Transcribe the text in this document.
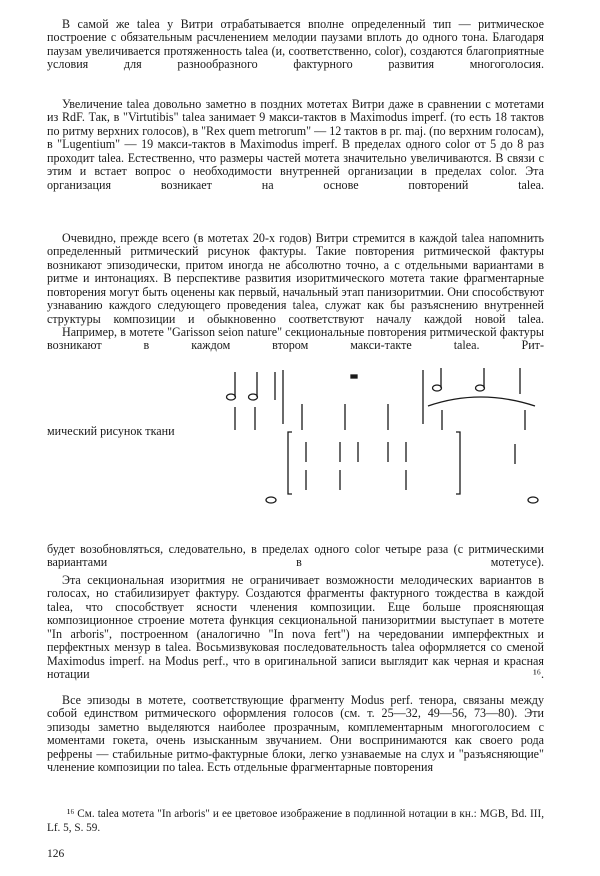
В самой же talea у Витри отрабатывается вполне определенный тип — ритмическое построение с обязательным расчленением мелодии паузами вплоть до одного тона. Благодаря паузам увеличивается протяженность talea (и, соответственно, color), создаются благоприятные условия для разнообразного фактурного развития многоголосия.

Увеличение talea довольно заметно в поздних мотетах Витри даже в сравнении с мотетами из RdF. Так, в "Virtutibis" talea занимает 9 макси-тактов в Maximodus imperf. (то есть 18 тактов по ритму верхних голосов), в "Rex quem metrorum" — 12 тактов в pr. maj. (по верхним голосам), в "Lugentium" — 19 макси-тактов в Maximodus imperf. В пределах одного color от 5 до 8 раз проходит talea. Естественно, что размеры частей мотета значительно увеличиваются. В связи с этим и встает вопрос о необходимости внутренней организации в пределах color. Эта организация возникает на основе повторений talea.

Очевидно, прежде всего (в мотетах 20-х годов) Витри стремится в каждой talea напомнить определенный ритмический рисунок фактуры. Такие повторения ритмической фактуры возникают эпизодически, притом иногда не абсолютно точно, а с отдельными вариантами в ритме и интонациях. В перспективе развития изоритмического мотета такие фрагментарные повторения могут быть оценены как первый, начальный этап панизоритмии. Они способствуют узнаванию каждого следующего проведения talea, служат как бы разъяснению внутренней структуры композиции и обыкновенно соответствуют началу каждой новой talea.

Например, в мотете "Garisson seion nature" секциональные повторения ритмической фактуры возникают в каждом втором макси-такте talea. Рит-

мический рисунок ткани

будет возобновляться, следовательно, в пределах одного color четыре раза (с ритмическими вариантами в мотетусе).

Эта секциональная изоритмия не ограничивает возможности мелодических вариантов в голосах, но стабилизирует фактуру. Создаются фрагменты фактурного тождества в каждой talea, что способствует ясности членения композиции. Еще больше проясняющая композиционное строение мотета функция секциональной панизоритмии выступает в мотете "In arboris", построенном (аналогично "In nova fert") на чередовании имперфектных и перфектных мензур в talea. Восьмизвуковая последовательность talea оформляется со сменой Maximodus imperf. на Modus perf., что в оригинальной записи выглядит как черная и красная нотации ¹⁶.

Все эпизоды в мотете, соответствующие фрагменту Modus perf. тенора, связаны между собой единством ритмического оформления голосов (см. т. 25—32, 49—56, 73—80). Эти эпизоды заметно выделяются наиболее прозрачным, комплементарным многоголосием с моментами гокета, очень изысканным звучанием. Они воспринимаются как своего рода рефрены — стабильные ритмо-фактурные блоки, легко узнаваемые на слух и "разъясняющие" членение композиции по talea. Есть отдельные фрагментарные повторения

¹⁶ См. talea мотета "In arboris" и ее цветовое изображение в подлинной нотации в кн.: MGB, Bd. III, Lf. 5, S. 59.

126
